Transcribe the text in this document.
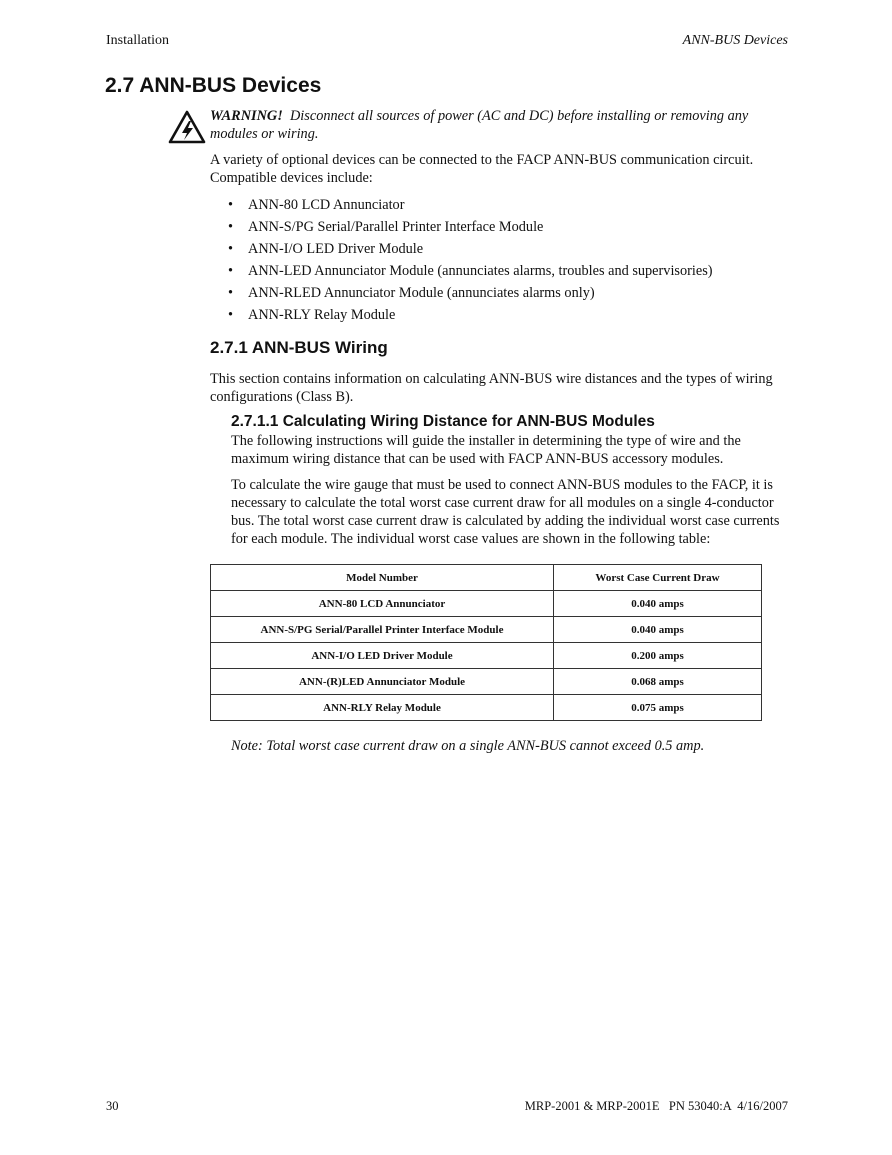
Installation	ANN-BUS Devices
2.7 ANN-BUS Devices
WARNING! Disconnect all sources of power (AC and DC) before installing or removing any modules or wiring.
A variety of optional devices can be connected to the FACP ANN-BUS communication circuit. Compatible devices include:
• ANN-80 LCD Annunciator
• ANN-S/PG Serial/Parallel Printer Interface Module
• ANN-I/O LED Driver Module
• ANN-LED Annunciator Module (annunciates alarms, troubles and supervisories)
• ANN-RLED Annunciator Module (annunciates alarms only)
• ANN-RLY Relay Module
2.7.1 ANN-BUS Wiring
This section contains information on calculating ANN-BUS wire distances and the types of wiring configurations (Class B).
2.7.1.1 Calculating Wiring Distance for ANN-BUS Modules
The following instructions will guide the installer in determining the type of wire and the maximum wiring distance that can be used with FACP ANN-BUS accessory modules.
To calculate the wire gauge that must be used to connect ANN-BUS modules to the FACP, it is necessary to calculate the total worst case current draw for all modules on a single 4-conductor bus. The total worst case current draw is calculated by adding the individual worst case currents for each module. The individual worst case values are shown in the following table:
Model Number	Worst Case Current Draw
ANN-80 LCD Annunciator	0.040 amps
ANN-S/PG Serial/Parallel Printer Interface Module	0.040 amps
ANN-I/O LED Driver Module	0.200 amps
ANN-(R)LED Annunciator Module	0.068 amps
ANN-RLY Relay Module	0.075 amps
Note: Total worst case current draw on a single ANN-BUS cannot exceed 0.5 amp.
30	MRP-2001 & MRP-2001E   PN 53040:A  4/16/2007
